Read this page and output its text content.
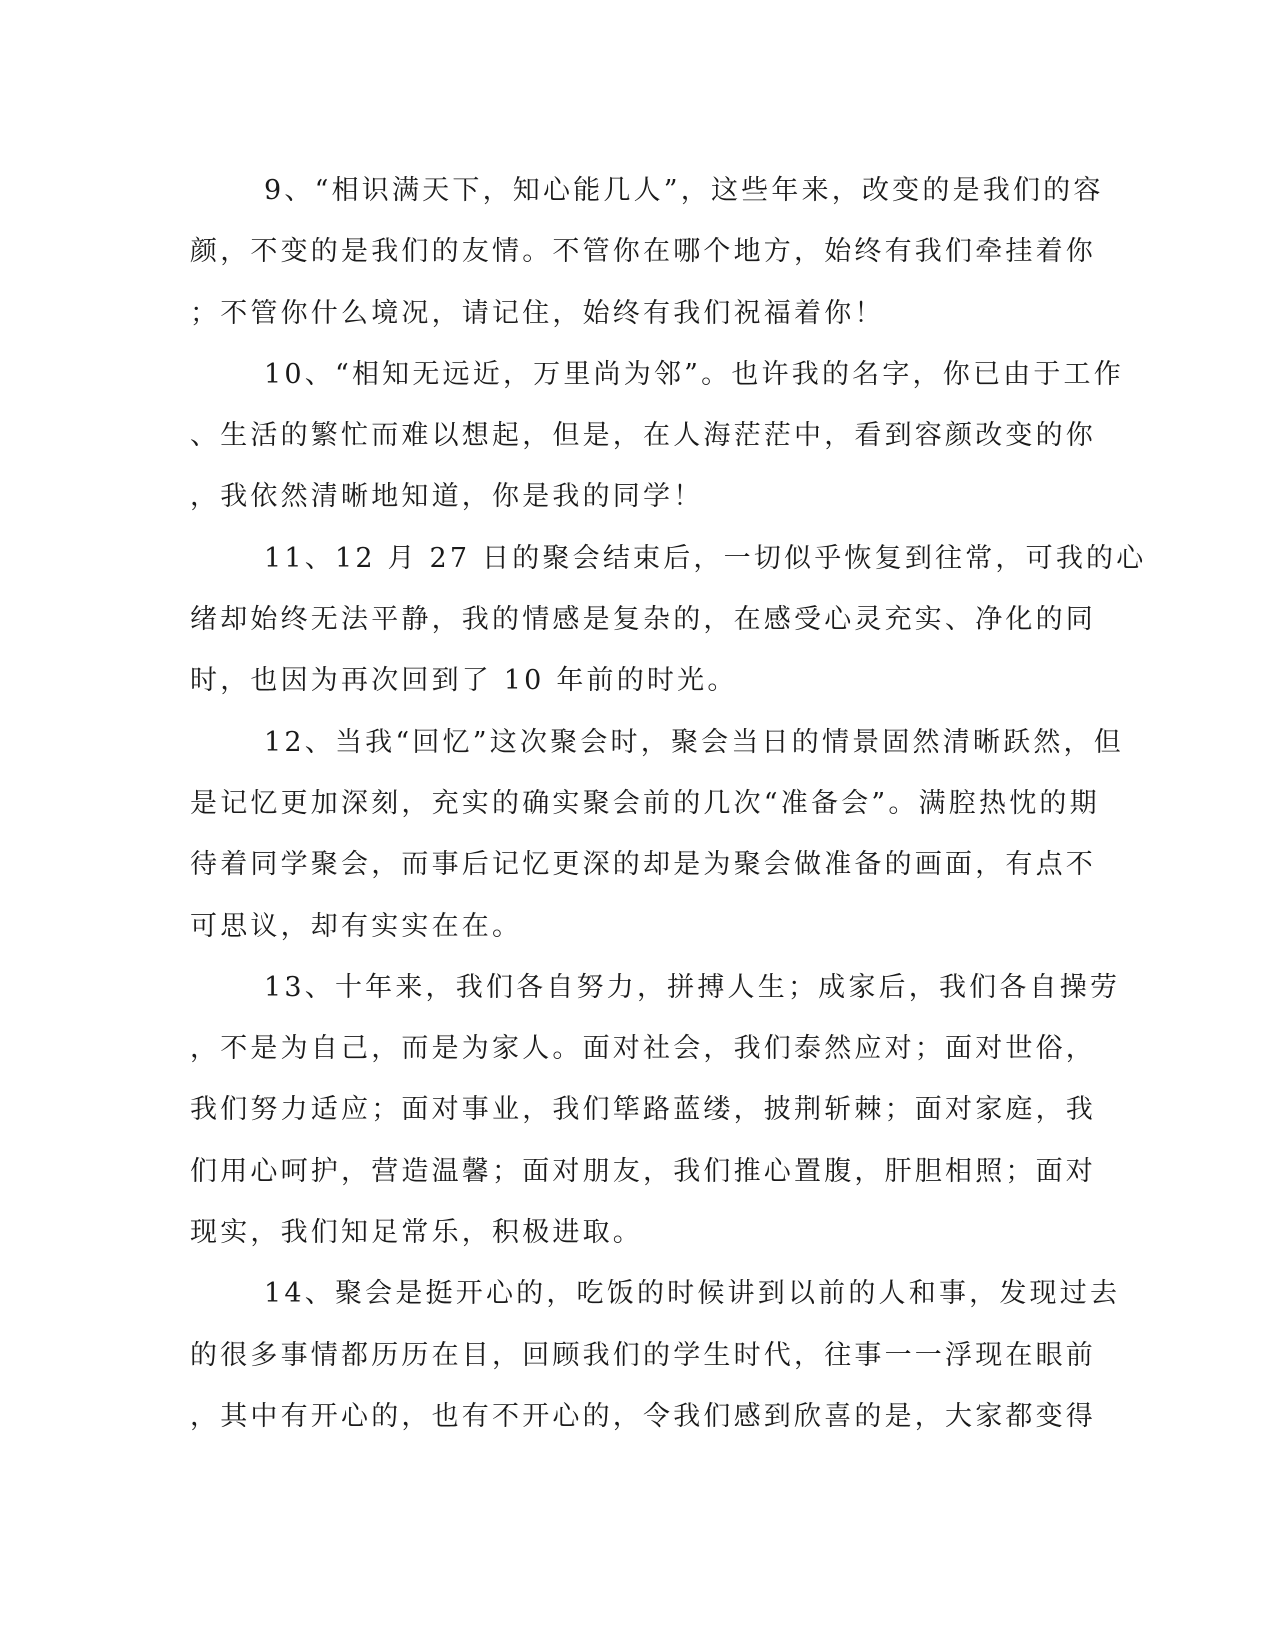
9、“相识满天下，知心能几人”，这些年来，改变的是我们的容
颜，不变的是我们的友情。不管你在哪个地方，始终有我们牵挂着你
；不管你什么境况，请记住，始终有我们祝福着你！
10、“相知无远近，万里尚为邻”。也许我的名字，你已由于工作
、生活的繁忙而难以想起，但是，在人海茫茫中，看到容颜改变的你
，我依然清晰地知道，你是我的同学！
11、12 月 27 日的聚会结束后，一切似乎恢复到往常，可我的心
绪却始终无法平静，我的情感是复杂的，在感受心灵充实、净化的同
时，也因为再次回到了 10 年前的时光。
12、当我“回忆”这次聚会时，聚会当日的情景固然清晰跃然，但
是记忆更加深刻，充实的确实聚会前的几次“准备会”。满腔热忱的期
待着同学聚会，而事后记忆更深的却是为聚会做准备的画面，有点不
可思议，却有实实在在。
13、十年来，我们各自努力，拼搏人生；成家后，我们各自操劳
，不是为自己，而是为家人。面对社会，我们泰然应对；面对世俗，
我们努力适应；面对事业，我们筚路蓝缕，披荆斩棘；面对家庭，我
们用心呵护，营造温馨；面对朋友，我们推心置腹，肝胆相照；面对
现实，我们知足常乐，积极进取。
14、聚会是挺开心的，吃饭的时候讲到以前的人和事，发现过去
的很多事情都历历在目，回顾我们的学生时代，往事一一浮现在眼前
，其中有开心的，也有不开心的，令我们感到欣喜的是，大家都变得
